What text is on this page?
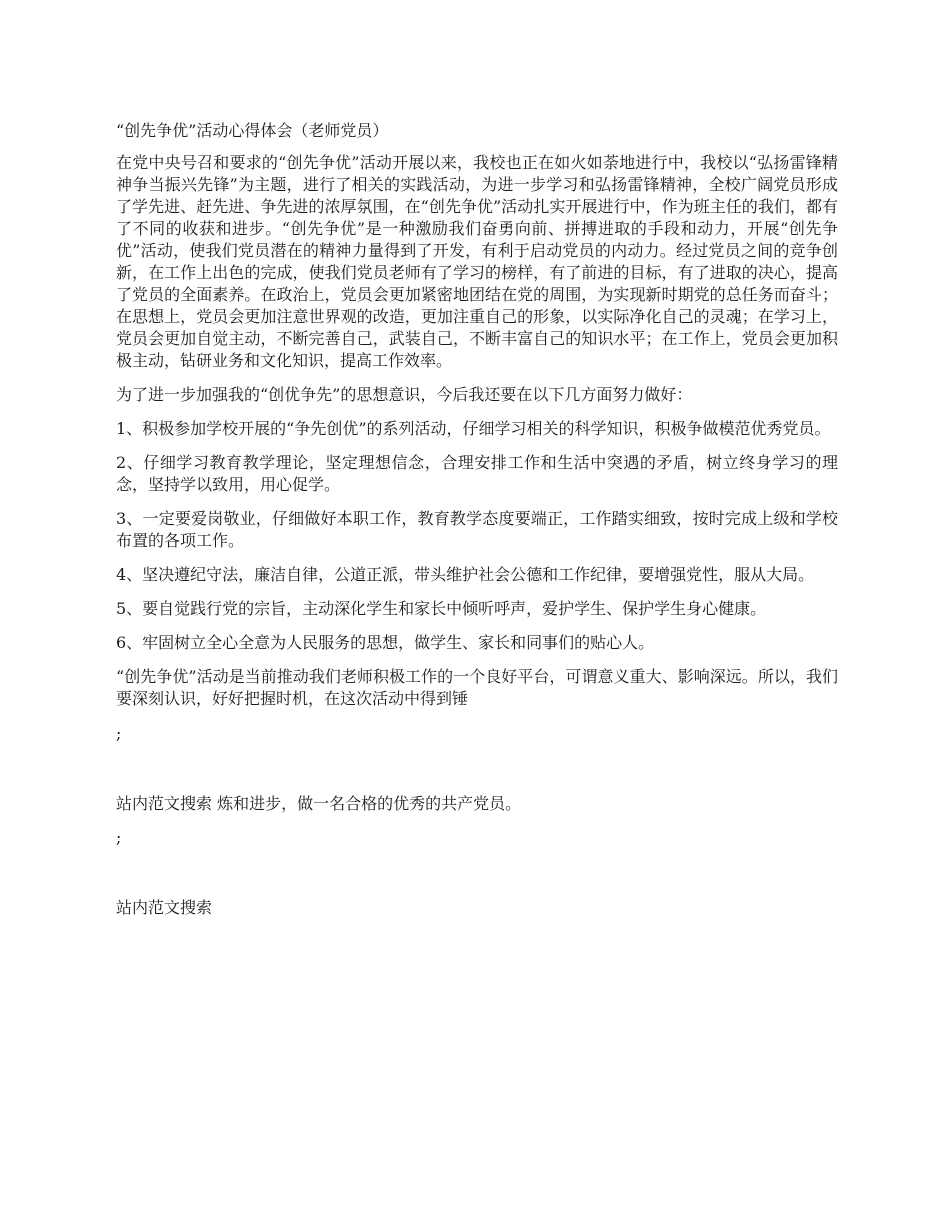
“创先争优”活动心得体会（老师党员）

在党中央号召和要求的“创先争优”活动开展以来，我校也正在如火如荼地进行中，我校以“弘扬雷锋精神争当振兴先锋”为主题，进行了相关的实践活动，为进一步学习和弘扬雷锋精神，全校广阔党员形成了学先进、赶先进、争先进的浓厚氛围，在“创先争优”活动扎实开展进行中，作为班主任的我们，都有了不同的收获和进步。“创先争优”是一种激励我们奋勇向前、拼搏进取的手段和动力，开展“创先争优”活动，使我们党员潜在的精神力量得到了开发，有利于启动党员的内动力。经过党员之间的竞争创新，在工作上出色的完成，使我们党员老师有了学习的榜样，有了前进的目标，有了进取的决心，提高了党员的全面素养。在政治上，党员会更加紧密地团结在党的周围，为实现新时期党的总任务而奋斗；在思想上，党员会更加注意世界观的改造，更加注重自己的形象，以实际净化自己的灵魂；在学习上，党员会更加自觉主动，不断完善自己，武装自己，不断丰富自己的知识水平；在工作上，党员会更加积极主动，钻研业务和文化知识，提高工作效率。

为了进一步加强我的“创优争先”的思想意识，今后我还要在以下几方面努力做好：

1、积极参加学校开展的“争先创优”的系列活动，仔细学习相关的科学知识，积极争做模范优秀党员。

2、仔细学习教育教学理论，坚定理想信念，合理安排工作和生活中突遇的矛盾，树立终身学习的理念，坚持学以致用，用心促学。

3、一定要爱岗敬业，仔细做好本职工作，教育教学态度要端正，工作踏实细致，按时完成上级和学校布置的各项工作。

4、坚决遵纪守法，廉洁自律，公道正派，带头维护社会公德和工作纪律，要增强党性，服从大局。

5、要自觉践行党的宗旨，主动深化学生和家长中倾听呼声，爱护学生、保护学生身心健康。

6、牢固树立全心全意为人民服务的思想，做学生、家长和同事们的贴心人。

“创先争优”活动是当前推动我们老师积极工作的一个良好平台，可谓意义重大、影响深远。所以，我们要深刻认识，好好把握时机，在这次活动中得到锤

;
站内范文搜索 炼和进步，做一名合格的优秀的共产党员。
;
站内范文搜索
